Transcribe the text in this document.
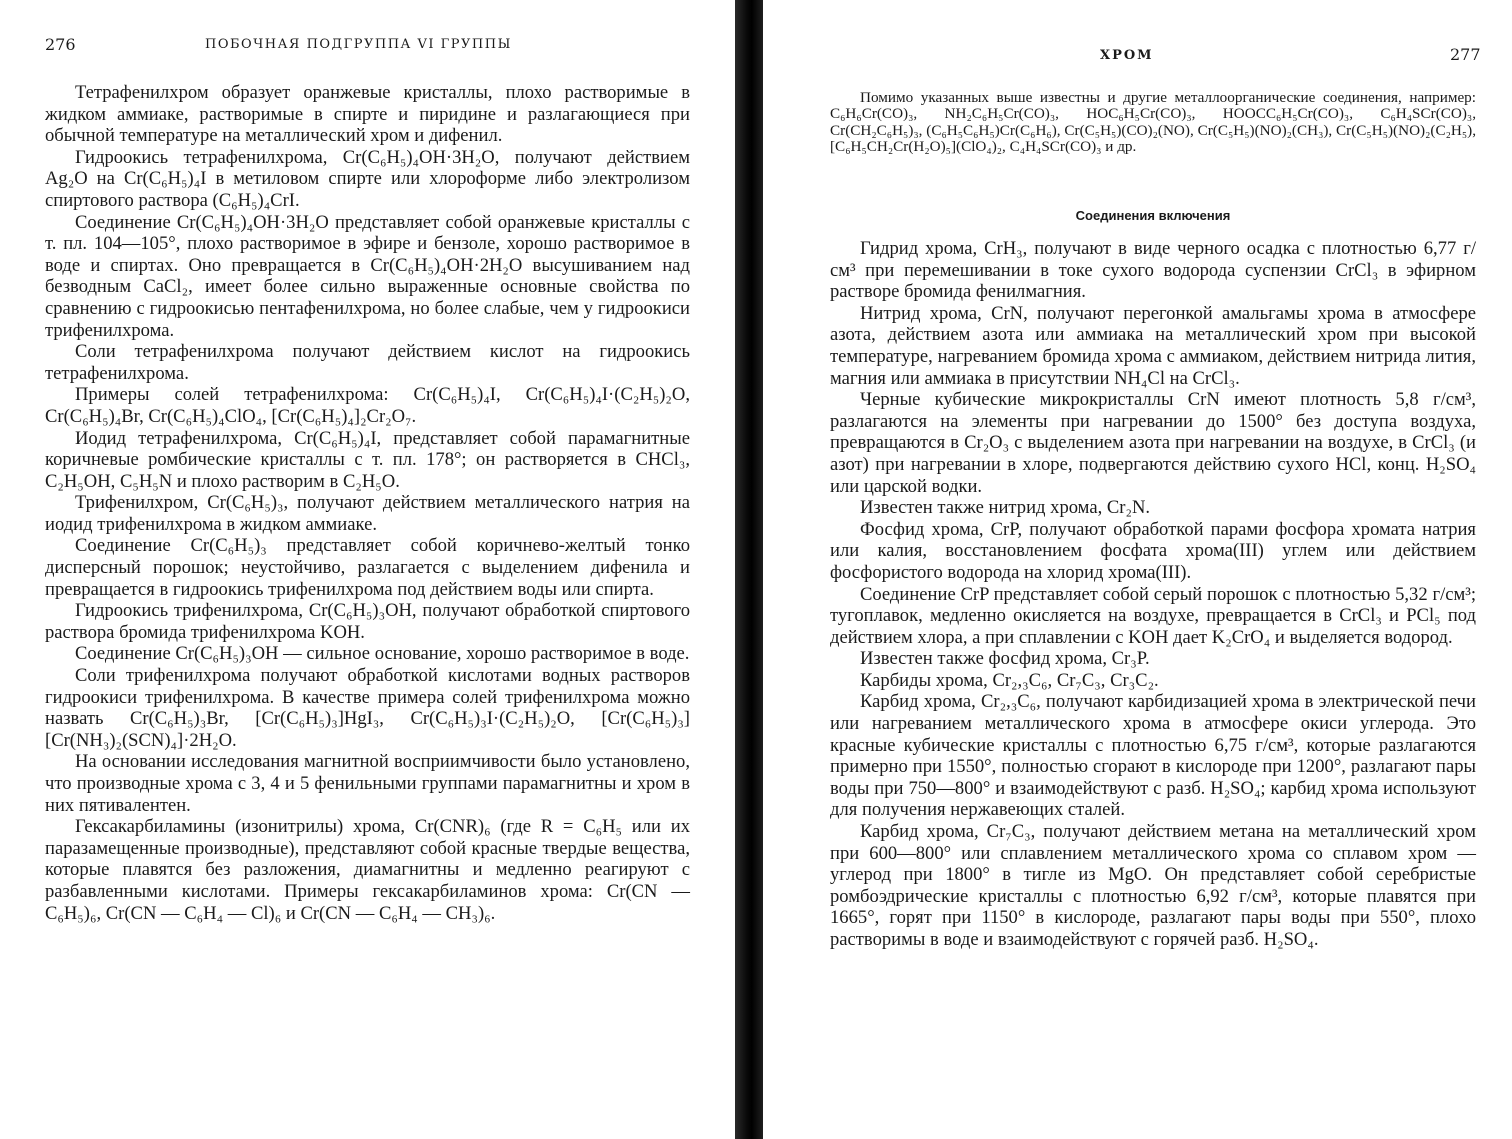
276	ПОБОЧНАЯ ПОДГРУППА VI ГРУППЫ

Тетрафенилхром образует оранжевые кристаллы, плохо растворимые в жидком аммиаке, растворимые в спирте и пиридине и разлагающиеся при обычной температуре на металлический хром и дифенил.

Гидроокись тетрафенилхрома, Cr(C₆H₅)₄OH·3H₂O, получают действием Ag₂O на Cr(C₆H₅)₄I в метиловом спирте или хлороформе либо электролизом спиртового раствора (C₆H₅)₄CrI.

Соединение Cr(C₆H₅)₄OH·3H₂O представляет собой оранжевые кристаллы с т. пл. 104—105°, плохо растворимое в эфире и бензоле, хорошо растворимое в воде и спиртах. Оно превращается в Cr(C₆H₅)₄OH·2H₂O высушиванием над безводным CaCl₂, имеет более сильно выраженные основные свойства по сравнению с гидроокисью пентафенилхрома, но более слабые, чем у гидроокиси трифенилхрома.

Соли тетрафенилхрома получают действием кислот на гидроокись тетрафенилхрома.

Примеры солей тетрафенилхрома: Cr(C₆H₅)₄I, Cr(C₆H₅)₄I·(C₂H₅)₂O, Cr(C₆H₅)₄Br, Cr(C₆H₅)₄ClO₄, [Cr(C₆H₅)₄]₂Cr₂O₇.

Иодид тетрафенилхрома, Cr(C₆H₅)₄I, представляет собой парамагнитные коричневые ромбические кристаллы с т. пл. 178°; он растворяется в CHCl₃, C₂H₅OH, C₅H₅N и плохо растворим в C₂H₅O.

Трифенилхром, Cr(C₆H₅)₃, получают действием металлического натрия на иодид трифенилхрома в жидком аммиаке.

Соединение Cr(C₆H₅)₃ представляет собой коричнево-желтый тонко дисперсный порошок; неустойчиво, разлагается с выделением дифенила и превращается в гидроокись трифенилхрома под действием воды или спирта.

Гидроокись трифенилхрома, Cr(C₆H₅)₃OH, получают обработкой спиртового раствора бромида трифенилхрома KOH.

Соединение Cr(C₆H₅)₃OH — сильное основание, хорошо растворимое в воде.

Соли трифенилхрома получают обработкой кислотами водных растворов гидроокиси трифенилхрома. В качестве примера солей трифенилхрома можно назвать Cr(C₆H₅)₃Br, [Cr(C₆H₅)₃]HgI₃, Cr(C₆H₅)₃I·(C₂H₅)₂O, [Cr(C₆H₅)₃] [Cr(NH₃)₂(SCN)₄]·2H₂O.

На основании исследования магнитной восприимчивости было установлено, что производные хрома с 3, 4 и 5 фенильными группами парамагнитны и хром в них пятивалентен.

Гексакарбиламины (изонитрилы) хрома, Cr(CNR)₆ (где R = C₆H₅ или их паразамещенные производные), представляют собой красные твердые вещества, которые плавятся без разложения, диамагнитны и медленно реагируют с разбавленными кислотами. Примеры гексакарбиламинов хрома: Cr(CN — C₆H₅)₆, Cr(CN — C₆H₄ — Cl)₆ и Cr(CN — C₆H₄ — CH₃)₆.

ХРОМ	277

Помимо указанных выше известны и другие металлоорганические соединения, например: C₆H₆Cr(CO)₃, NH₂C₆H₅Cr(CO)₃, HOC₆H₅Cr(CO)₃, HOOCC₆H₅Cr(CO)₃, C₆H₄SCr(CO)₃, Cr(CH₂C₆H₅)₃, (C₆H₅C₆H₅)Cr(C₆H₆), Cr(C₅H₅)(CO)₂(NO), Cr(C₅H₅)(NO)₂(CH₃), Cr(C₅H₅)(NO)₂(C₂H₅), [C₆H₅CH₂Cr(H₂O)₅](ClO₄)₂, C₄H₄SCr(CO)₃ и др.

Соединения включения

Гидрид хрома, CrH₃, получают в виде черного осадка с плотностью 6,77 г/см³ при перемешивании в токе сухого водорода суспензии CrCl₃ в эфирном растворе бромида фенилмагния.

Нитрид хрома, CrN, получают перегонкой амальгамы хрома в атмосфере азота, действием азота или аммиака на металлический хром при высокой температуре, нагреванием бромида хрома с аммиаком, действием нитрида лития, магния или аммиака в присутствии NH₄Cl на CrCl₃.

Черные кубические микрокристаллы CrN имеют плотность 5,8 г/см³, разлагаются на элементы при нагревании до 1500° без доступа воздуха, превращаются в Cr₂O₃ с выделением азота при нагревании на воздухе, в CrCl₃ (и азот) при нагревании в хлоре, подвергаются действию сухого HCl, конц. H₂SO₄ или царской водки.

Известен также нитрид хрома, Cr₂N.

Фосфид хрома, CrP, получают обработкой парами фосфора хромата натрия или калия, восстановлением фосфата хрома(III) углем или действием фосфористого водорода на хлорид хрома(III).

Соединение CrP представляет собой серый порошок с плотностью 5,32 г/см³; тугоплавок, медленно окисляется на воздухе, превращается в CrCl₃ и PCl₅ под действием хлора, а при сплавлении с KOH дает K₂CrO₄ и выделяется водород.

Известен также фосфид хрома, Cr₃P.

Карбиды хрома, Cr₂,₃C₆, Cr₇C₃, Cr₃C₂.

Карбид хрома, Cr₂,₃C₆, получают карбидизацией хрома в электрической печи или нагреванием металлического хрома в атмосфере окиси углерода. Это красные кубические кристаллы с плотностью 6,75 г/см³, которые разлагаются примерно при 1550°, полностью сгорают в кислороде при 1200°, разлагают пары воды при 750—800° и взаимодействуют с разб. H₂SO₄; карбид хрома используют для получения нержавеющих сталей.

Карбид хрома, Cr₇C₃, получают действием метана на металлический хром при 600—800° или сплавлением металлического хрома со сплавом хром — углерод при 1800° в тигле из MgO. Он представляет собой серебристые ромбоэдрические кристаллы с плотностью 6,92 г/см³, которые плавятся при 1665°, горят при 1150° в кислороде, разлагают пары воды при 550°, плохо растворимы в воде и взаимодействуют с горячей разб. H₂SO₄.
